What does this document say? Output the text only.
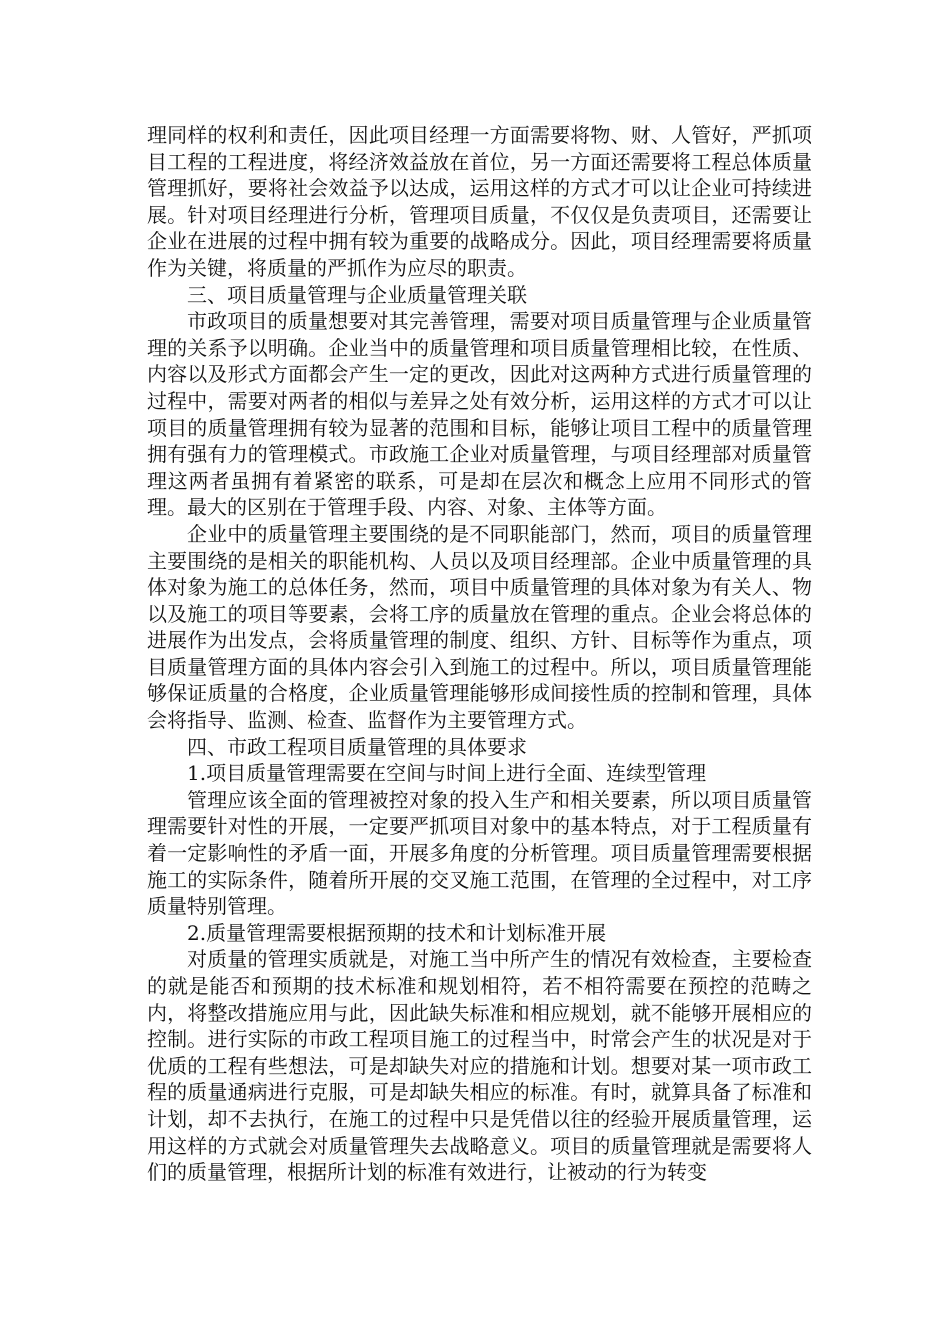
理同样的权利和责任，因此项目经理一方面需要将物、财、人管好，严抓项目工程的工程进度，将经济效益放在首位，另一方面还需要将工程总体质量管理抓好，要将社会效益予以达成，运用这样的方式才可以让企业可持续进展。针对项目经理进行分析，管理项目质量，不仅仅是负责项目，还需要让企业在进展的过程中拥有较为重要的战略成分。因此，项目经理需要将质量作为关键，将质量的严抓作为应尽的职责。

三、项目质量管理与企业质量管理关联

市政项目的质量想要对其完善管理，需要对项目质量管理与企业质量管理的关系予以明确。企业当中的质量管理和项目质量管理相比较，在性质、内容以及形式方面都会产生一定的更改，因此对这两种方式进行质量管理的过程中，需要对两者的相似与差异之处有效分析，运用这样的方式才可以让项目的质量管理拥有较为显著的范围和目标，能够让项目工程中的质量管理拥有强有力的管理模式。市政施工企业对质量管理，与项目经理部对质量管理这两者虽拥有着紧密的联系，可是却在层次和概念上应用不同形式的管理。最大的区别在于管理手段、内容、对象、主体等方面。

企业中的质量管理主要围绕的是不同职能部门，然而，项目的质量管理主要围绕的是相关的职能机构、人员以及项目经理部。企业中质量管理的具体对象为施工的总体任务，然而，项目中质量管理的具体对象为有关人、物以及施工的项目等要素，会将工序的质量放在管理的重点。企业会将总体的进展作为出发点，会将质量管理的制度、组织、方针、目标等作为重点，项目质量管理方面的具体内容会引入到施工的过程中。所以，项目质量管理能够保证质量的合格度，企业质量管理能够形成间接性质的控制和管理，具体会将指导、监测、检查、监督作为主要管理方式。

四、市政工程项目质量管理的具体要求

1.项目质量管理需要在空间与时间上进行全面、连续型管理

管理应该全面的管理被控对象的投入生产和相关要素，所以项目质量管理需要针对性的开展，一定要严抓项目对象中的基本特点，对于工程质量有着一定影响性的矛盾一面，开展多角度的分析管理。项目质量管理需要根据施工的实际条件，随着所开展的交叉施工范围，在管理的全过程中，对工序质量特别管理。

2.质量管理需要根据预期的技术和计划标准开展

对质量的管理实质就是，对施工当中所产生的情况有效检查，主要检查的就是能否和预期的技术标准和规划相符，若不相符需要在预控的范畴之内，将整改措施应用与此，因此缺失标准和相应规划，就不能够开展相应的控制。进行实际的市政工程项目施工的过程当中，时常会产生的状况是对于优质的工程有些想法，可是却缺失对应的措施和计划。想要对某一项市政工程的质量通病进行克服，可是却缺失相应的标准。有时，就算具备了标准和计划，却不去执行，在施工的过程中只是凭借以往的经验开展质量管理，运用这样的方式就会对质量管理失去战略意义。项目的质量管理就是需要将人们的质量管理，根据所计划的标准有效进行，让被动的行为转变
